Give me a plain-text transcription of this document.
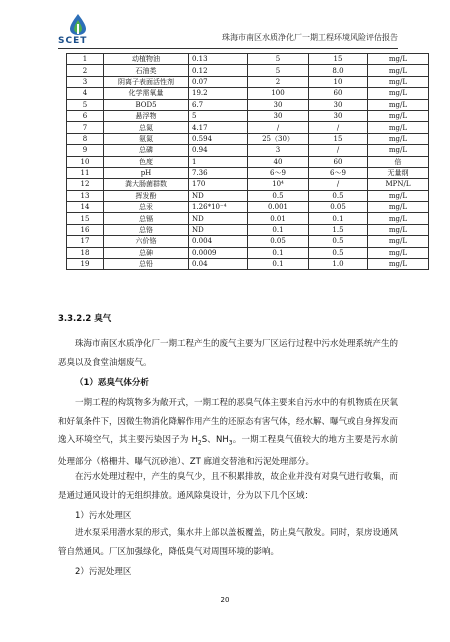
SCET	珠海市南区水质净化厂一期工程环境风险评估报告
1	动植物油	0.13	5	15	mg/L
2	石油类	0.12	5	8.0	mg/L
3	阴离子表面活性剂	0.07	2	10	mg/L
4	化学需氧量	19.2	100	60	mg/L
5	BOD5	6.7	30	30	mg/L
6	悬浮物	5	30	30	mg/L
7	总氮	4.17	/	/	mg/L
8	氨氮	0.594	25（30）	15	mg/L
9	总磷	0.94	3	/	mg/L
10	色度	1	40	60	倍
11	pH	7.36	6～9	6～9	无量纲
12	粪大肠菌群数	170	10⁴	/	MPN/L
13	挥发酚	ND	0.5	0.5	mg/L
14	总汞	1.26*10⁻⁴	0.001	0.05	mg/L
15	总镉	ND	0.01	0.1	mg/L
16	总铬	ND	0.1	1.5	mg/L
17	六价铬	0.004	0.05	0.5	mg/L
18	总砷	0.0009	0.1	0.5	mg/L
19	总铅	0.04	0.1	1.0	mg/L
3.3.2.2 臭气
珠海市南区水质净化厂一期工程产生的废气主要为厂区运行过程中污水处理系统产生的恶臭以及食堂油烟废气。
（1）恶臭气体分析
一期工程的构筑物多为敞开式，一期工程的恶臭气体主要来自污水中的有机物质在厌氧和好氧条件下，因微生物消化降解作用产生的还原态有害气体，经水解、曝气或自身挥发而逸入环境空气，其主要污染因子为 $H_2S$、$NH_3$。一期工程臭气值较大的地方主要是污水前处理部分（格栅井、曝气沉砂池）、ZT 廊道交替池和污泥处理部分。
在污水处理过程中，产生的臭气少，且不积累排放，故企业并没有对臭气进行收集，而是通过通风设计的无组织排放。通风除臭设计，分为以下几个区域：
1）污水处理区
进水泵采用潜水泵的形式，集水井上部以盖板覆盖，防止臭气散发。同时，泵房设通风管自然通风。厂区加强绿化，降低臭气对周围环境的影响。
2）污泥处理区
20
